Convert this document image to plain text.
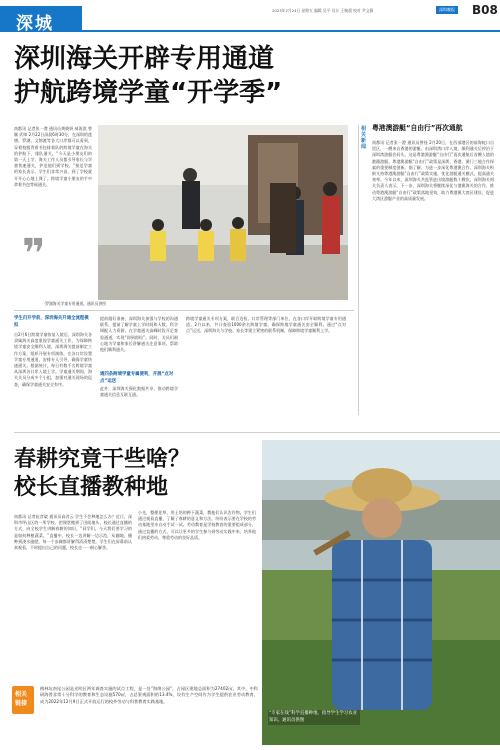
深城
2023年2月24日 星期五 编辑 吴平 设计 王婉禧 校对 尹文静	深圳晚报 B08
深圳海关开辟专用通道
护航跨境学童“开学季”
南都讯 记者张一澄 通讯员黄晓妍 郝浚淇 曾颖 武帅 2月22日清晨6时30分，在深圳的莲塘、罗湖、文锦渡等各大口岸都可以看到，穿着校服背着书包排着队的跨境学童在海关的护航下，排队通关。“今天是小朋友们的第一天上学，海关工作人员都引导家长与学童快速通关，护送他们到学校。”接送学童的家长表示，学生们非常兴奋，到了学校就开开心心地上课了。跨境学童小朋友的手中拿着书包等候通关。
❞
·罗湖海关学童专用通道。通讯员供图
学生归开学前，深圳海关开通全流程模拟
自2月6日跨境学童恢复入境后，深圳海关各隶属海关高度重视学童通关工作，为保障跨境学童安全顺利入境，深圳海关提前制定工作方案，组织开展专项演练，在各口岸设置学童专用通道，安排专人引导，确保学童快速通关。根据统计，每日有数千名跨境学童从深圳各口岸入境上学。学童通关期间，海关关员分成多个小组，加强对通关现场的巡查，确保学童通关安全有序。
提前做好准备，深圳海关加强与学校的沟通联系，提前了解学童上学时间和人数，科学调配人力资源，在学童通关高峰时段开足查验通道，实现“即到即检”。同时，关员们耐心地为学童和家长讲解通关注意事项，帮助他们顺利通关。
通四条跨境学童专属便利，开展“点对点”运送
此外，深圳海关强化数据共享，推动跨境学童通关信息互联互通。
跨境学童通关专项方案，联合边检、口岸管理等部门单位，在各口岸开辟跨境学童专用通道。2月以来，共计查验1000余名跨境学童，确保跨境学童通关安全顺利。通过“点对点”运送，深圳海关与学校、家长等建立紧密的联系机制，保障跨境学童顺利上学。
相关新闻
粤港澳游艇“自由行”再次通航
南都讯 记者张一澄 通讯员曾怪 2月20日，在西部港区的前海蛇口自贸区，一艘来自香港的游艇，由深圳湾口岸入境，顺利通关后停泊于深圳湾游艇会码头。这是粤港澳游艇“自由行”再次通航后首艘入境的港籍游艇。粤港澳游艇“自由行”政策是深圳、香港、澳门三地合作探索的重要制度创新。据了解，为进一步深化粤港澳合作，深圳海关积极支持粤港澳游艇“自由行”政策实施，优化游艇通关模式，提高通关效率。今年以来，深圳海关共监管进出境游艇数十艘次。深圳海关相关负责人表示，下一步，深圳海关将继续深化与港澳海关的合作，推动粤港澳游艇“自由行”政策落地见效，助力粤港澳大湾区建设，促进大湾区游艇产业的高质量发展。
春耕究竟干些啥？
校长直播教种地
南都讯 记者伍彦崴 通讯员高君云 学生不会种地怎么办？近日，深圳市坪山区的一所学校，把课堂搬到了田间地头，校长通过直播的方式，向全校学生讲解春耕的知识。“同学们，今天我们要学习的是如何种植蔬菜。”直播中，校长一边讲解一边示范，从翻地、播种到浇水施肥，每一个步骤都讲解得清清楚楚。学生们在屏幕前认真观看，不时提出自己的问题，校长也一一耐心解答。
小先，整理花草，用土培的种下蔬菜，教他们认识农作物。学生们通过观看直播，了解了春耕的意义和方法，纷纷表示要在学校的劳动基地里亲自动手试一试。劳动教育是学校教育的重要组成部分，通过直播的方式，可以让更多的学生参与到劳动实践中来，培养他们热爱劳动、尊重劳动的良好品质。
“专家在线”科学直播种地，指导学生学习农业知识。通讯员供图
相关链接
梅林坑南尾公园是光明区两年调查实施的试点工程，是一处“海绵公园”，占园区建地总面积为27402㎡，其中，中科研海普非常十分科学的教育和生态设施570㎡，占总景观面积的13.4%，设有生产空间作为学生提供农业劳动教育，成为2022年12月9日正式开放运行的校外劳动与科普教育实践基地。
